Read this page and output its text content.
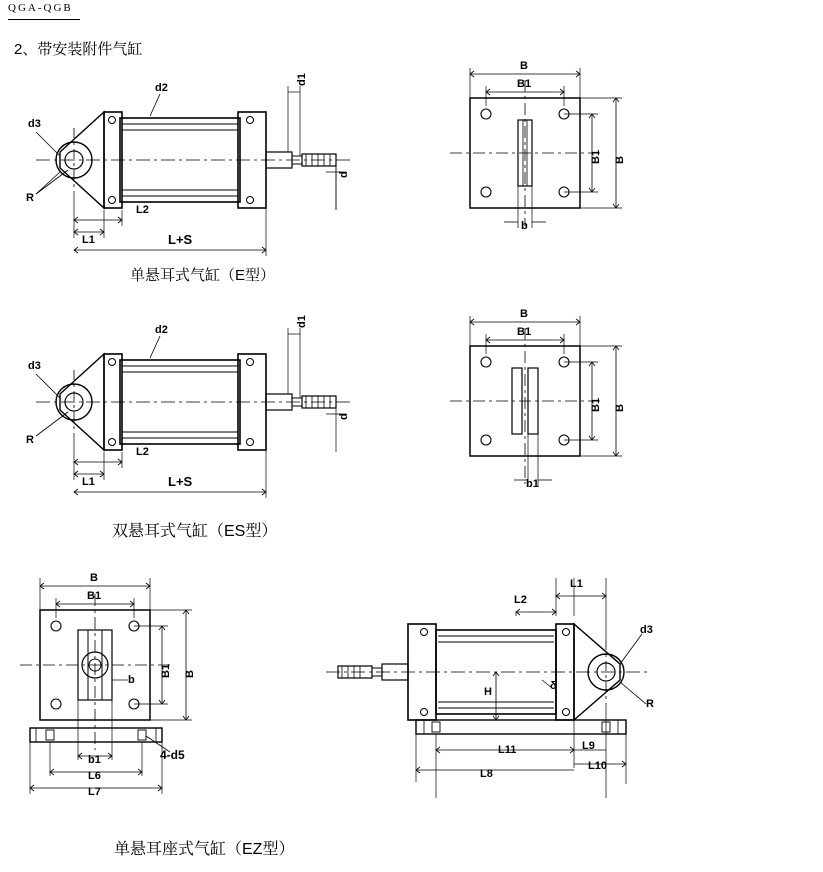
QGA-QGB
2、带安装附件气缸
d2
d1
d3
R
d
L1
L2
L+S
B
B1
B1 B
b
单悬耳式气缸（E型）
d2
d1
d3
R
d
L1
L2
L+S
B
B1
B1 B
b1
双悬耳式气缸（ES型）
B
B1
B1 B
b
b1
L6
L7
4-d5
L1
L2
d3
R
δ
H
L11
L8
L9
L10
单悬耳座式气缸（EZ型）
